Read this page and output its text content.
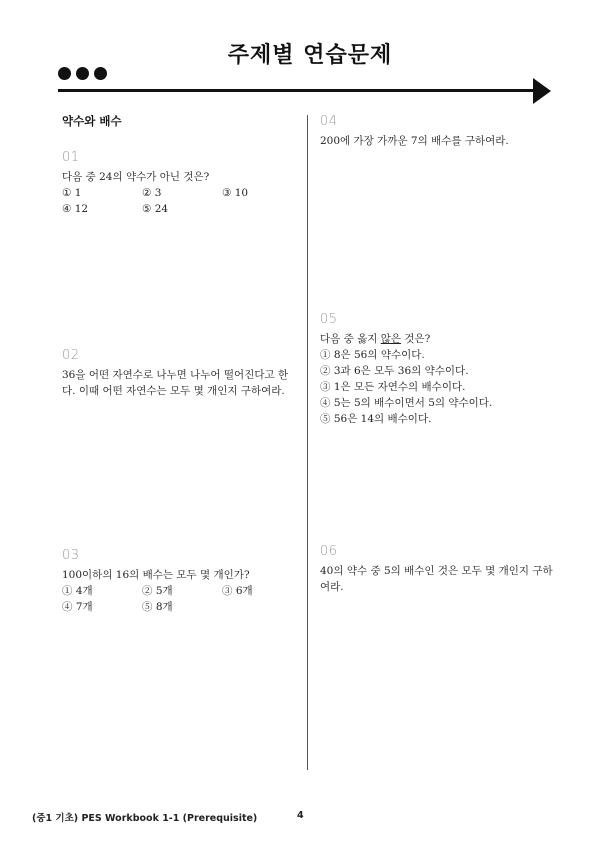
주제별 연습문제
약수와 배수
01

다음 중 24의 약수가 아닌 것은?

① 1	② 3	③ 10
④ 12	⑤ 24
02

36을 어떤 자연수로 나누면 나누어 떨어진다고 한다. 이때 어떤 자연수는 모두 몇 개인지 구하여라.

03

100이하의 16의 배수는 모두 몇 개인가?

① 4개	② 5개	③ 6개
④ 7개	⑤ 8개
04

200에 가장 가까운 7의 배수를 구하여라.

05

다음 중 옳지 않은 것은?

① 8은 56의 약수이다.
② 3과 6은 모두 36의 약수이다.
③ 1은 모든 자연수의 배수이다.
④ 5는 5의 배수이면서 5의 약수이다.
⑤ 56은 14의 배수이다.
06

40의 약수 중 5의 배수인 것은 모두 몇 개인지 구하여라.

(중1 기초) PES Workbook 1-1 (Prerequisite)	4
